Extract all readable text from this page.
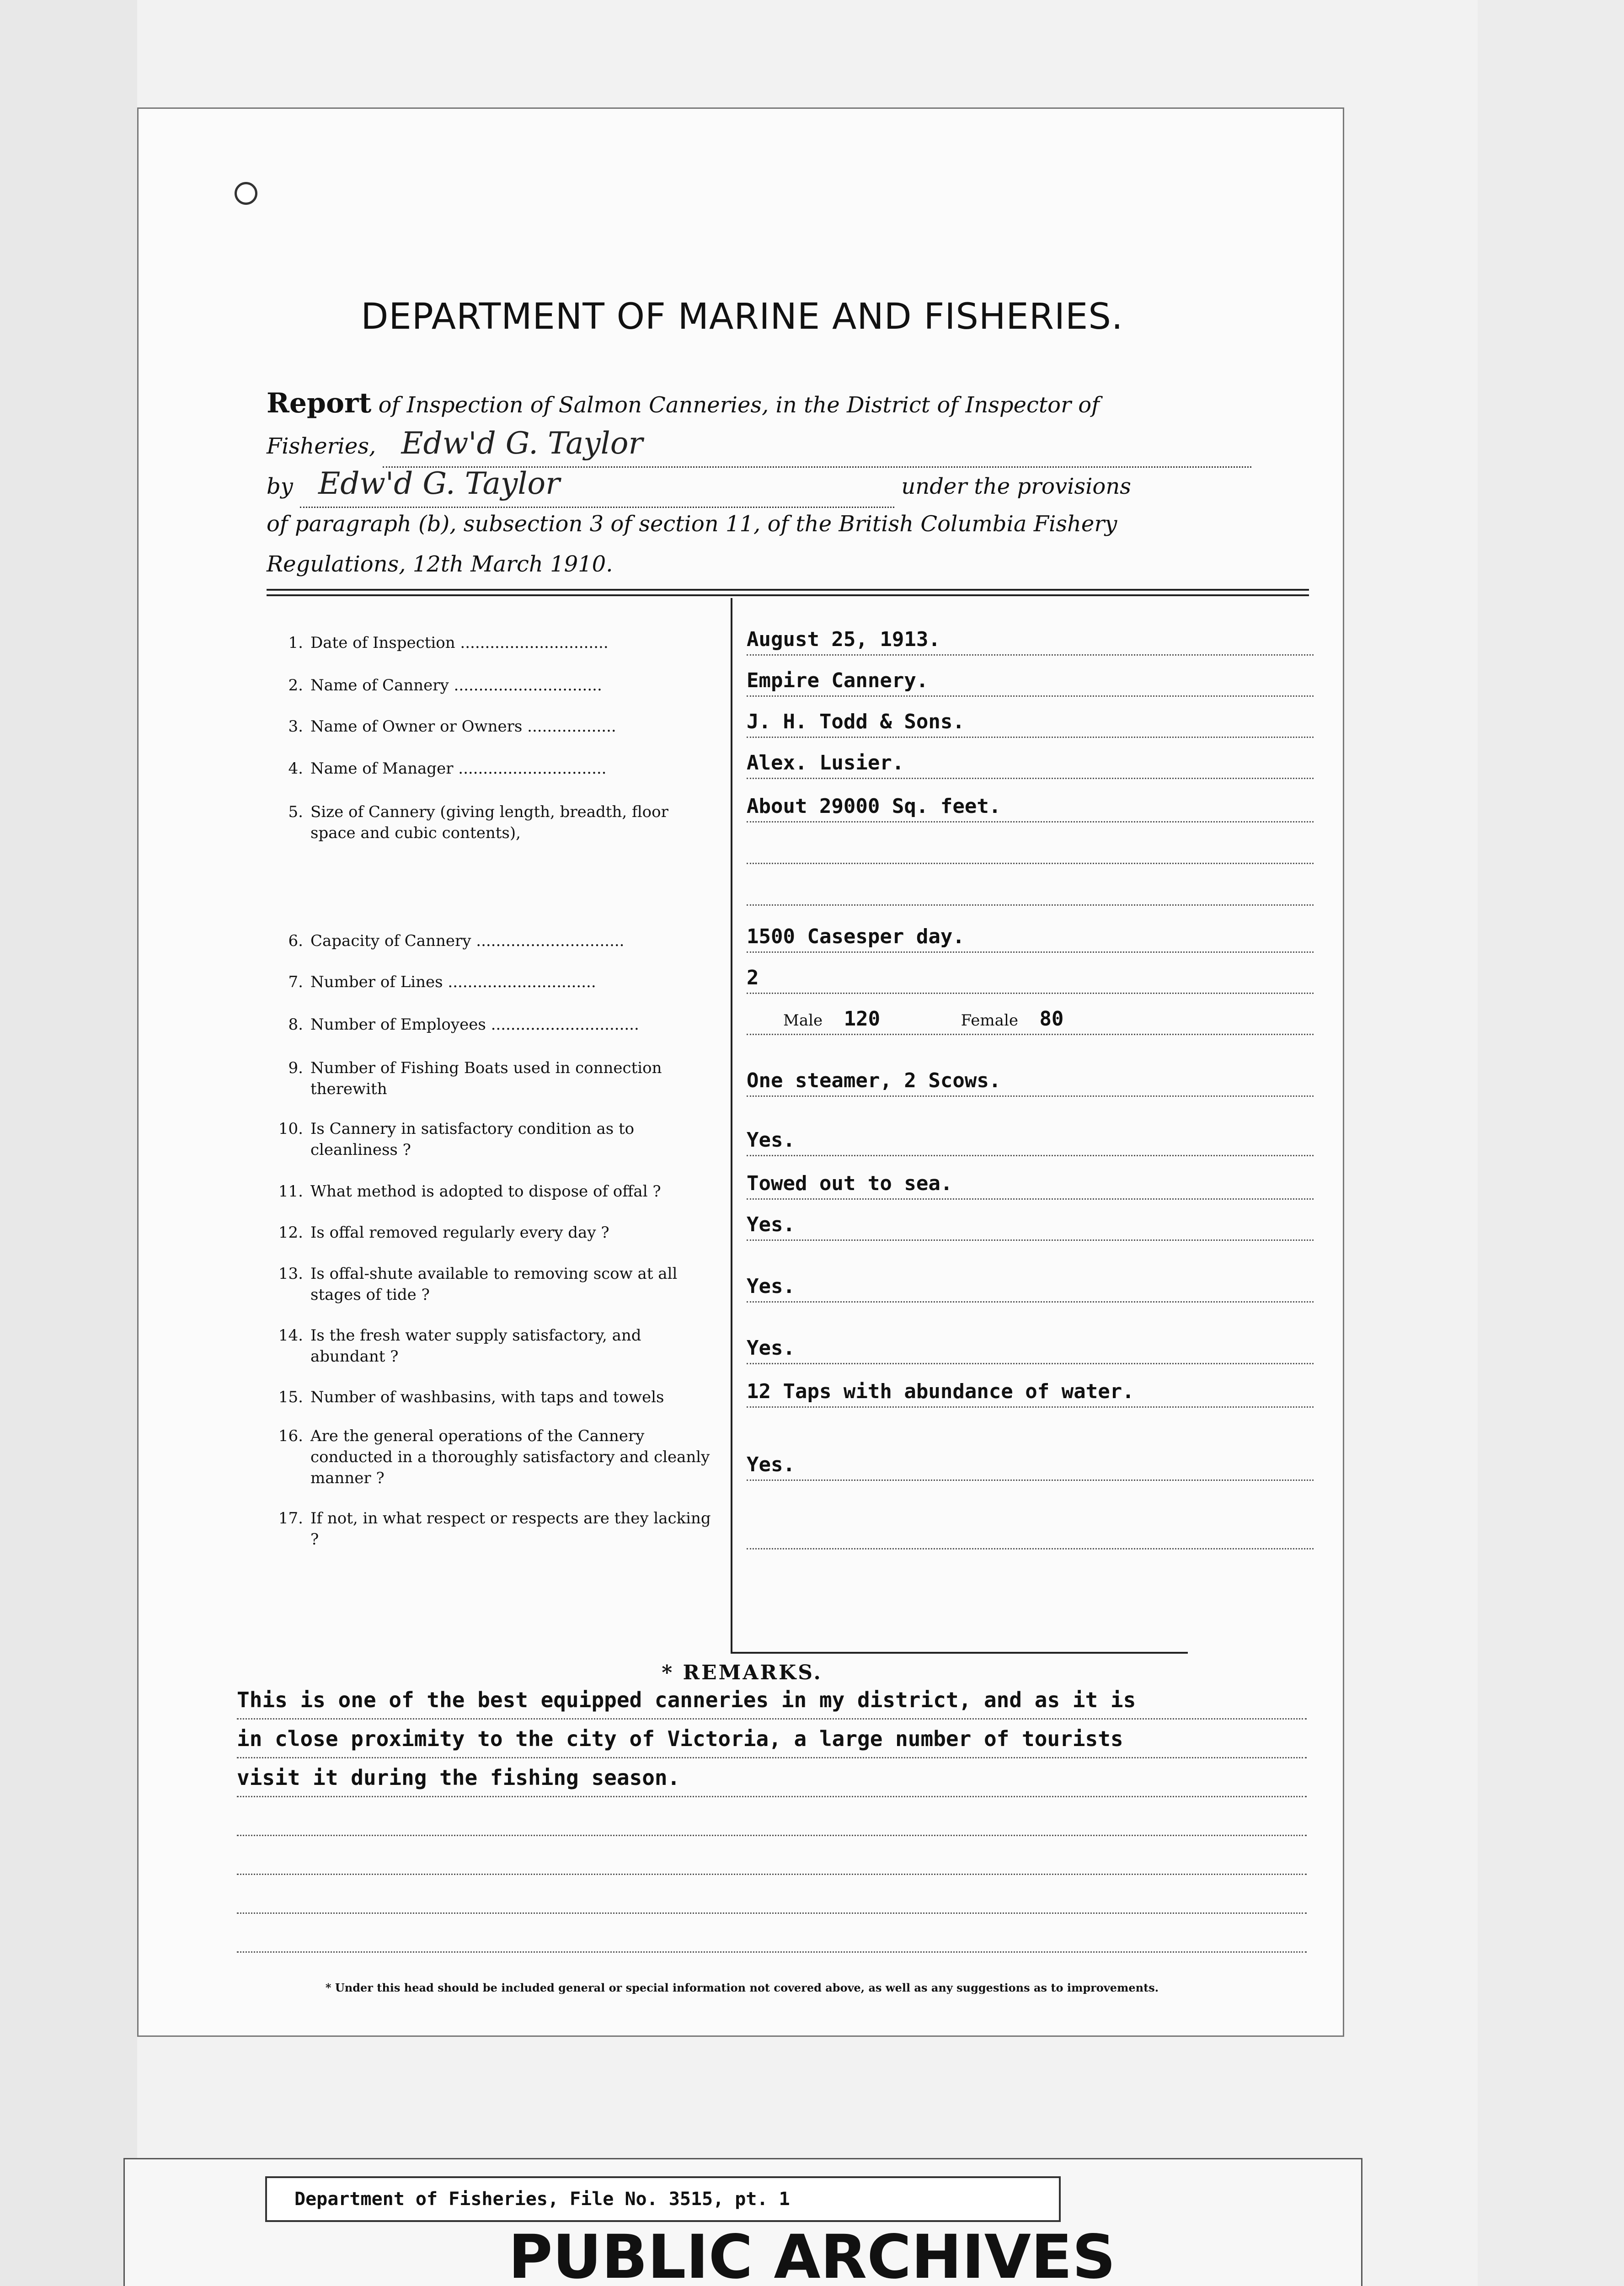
DEPARTMENT OF MARINE AND FISHERIES.
Report of Inspection of Salmon Canneries, in the District of Inspector of
Fisheries, Edw'd G. Taylor
by Edw'd G. Taylor	under the provisions
of paragraph (b), subsection 3 of section 11, of the British Columbia Fishery
Regulations, 12th March 1910.
1. Date of Inspection ..............................
2. Name of Cannery ..............................
3. Name of Owner or Owners ..................
4. Name of Manager ..............................
5. Size of Cannery (giving length, breadth, floor space and cubic contents),
6. Capacity of Cannery ..............................
7. Number of Lines ..............................
8. Number of Employees ..............................
9. Number of Fishing Boats used in connection therewith
10. Is Cannery in satisfactory condition as to cleanliness ?
11. What method is adopted to dispose of offal ?
12. Is offal removed regularly every day ?
13. Is offal-shute available to removing scow at all stages of tide ?
14. Is the fresh water supply satisfactory, and abundant ?
15. Number of washbasins, with taps and towels
16. Are the general operations of the Cannery conducted in a thoroughly satisfactory and cleanly manner ?
17. If not, in what respect or respects are they lacking ?
August 25, 1913.
Empire Cannery.
J. H. Todd & Sons.
Alex. Lusier.
About 29000 Sq. feet.
1500 Casesper day.
2
Male 120	Female 80
One steamer, 2 Scows.
Yes.
Towed out to sea.
Yes.
Yes.
Yes.
12 Taps with abundance of water.
Yes.
* REMARKS.
This is one of the best equipped canneries in my district, and as it is
in close proximity to the city of Victoria, a large number of tourists
visit it during the fishing season.
* Under this head should be included general or special information not covered above, as well as any suggestions as to improvements.
Department of Fisheries, File No. 3515, pt. 1
PUBLIC ARCHIVES
